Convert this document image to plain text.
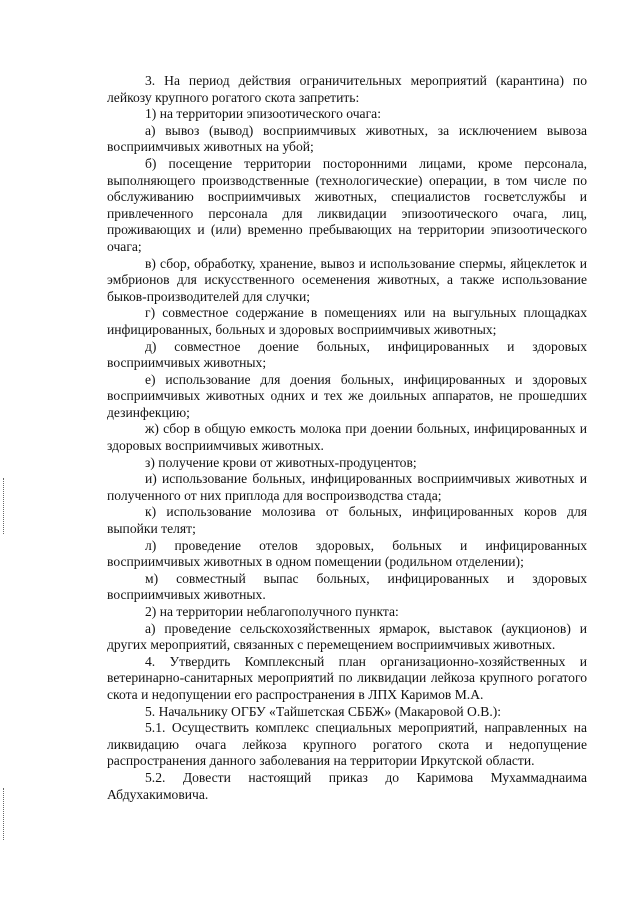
3. На период действия ограничительных мероприятий (карантина) по лейкозу крупного рогатого скота запретить:

1) на территории эпизоотического очага:

а) вывоз (вывод) восприимчивых животных, за исключением вывоза восприимчивых животных на убой;

б) посещение территории посторонними лицами, кроме персонала, выполняющего производственные (технологические) операции, в том числе по обслуживанию восприимчивых животных, специалистов госветслужбы и привлеченного персонала для ликвидации эпизоотического очага, лиц, проживающих и (или) временно пребывающих на территории эпизоотического очага;

в) сбор, обработку, хранение, вывоз и использование спермы, яйцеклеток и эмбрионов для искусственного осеменения животных, а также использование быков-производителей для случки;

г) совместное содержание в помещениях или на выгульных площадках инфицированных, больных и здоровых восприимчивых животных;

д) совместное доение больных, инфицированных и здоровых восприимчивых животных;

е) использование для доения больных, инфицированных и здоровых восприимчивых животных одних и тех же доильных аппаратов, не прошедших дезинфекцию;

ж) сбор в общую емкость молока при доении больных, инфицированных и здоровых восприимчивых животных.

з) получение крови от животных-продуцентов;

и) использование больных, инфицированных восприимчивых животных и полученного от них приплода для воспроизводства стада;

к) использование молозива от больных, инфицированных коров для выпойки телят;

л) проведение отелов здоровых, больных и инфицированных восприимчивых животных в одном помещении (родильном отделении);

м) совместный выпас больных, инфицированных и здоровых восприимчивых животных.

2) на территории неблагополучного пункта:

а) проведение сельскохозяйственных ярмарок, выставок (аукционов) и других мероприятий, связанных с перемещением восприимчивых животных.

4. Утвердить Комплексный план организационно-хозяйственных и ветеринарно-санитарных мероприятий по ликвидации лейкоза крупного рогатого скота и недопущении его распространения в ЛПХ Каримов М.А.

5. Начальнику ОГБУ «Тайшетская СББЖ» (Макаровой О.В.):

5.1. Осуществить комплекс специальных мероприятий, направленных на ликвидацию очага лейкоза крупного рогатого скота и недопущение распространения данного заболевания на территории Иркутской области.

5.2. Довести настоящий приказ до Каримова Мухаммаднаима Абдухакимовича.
